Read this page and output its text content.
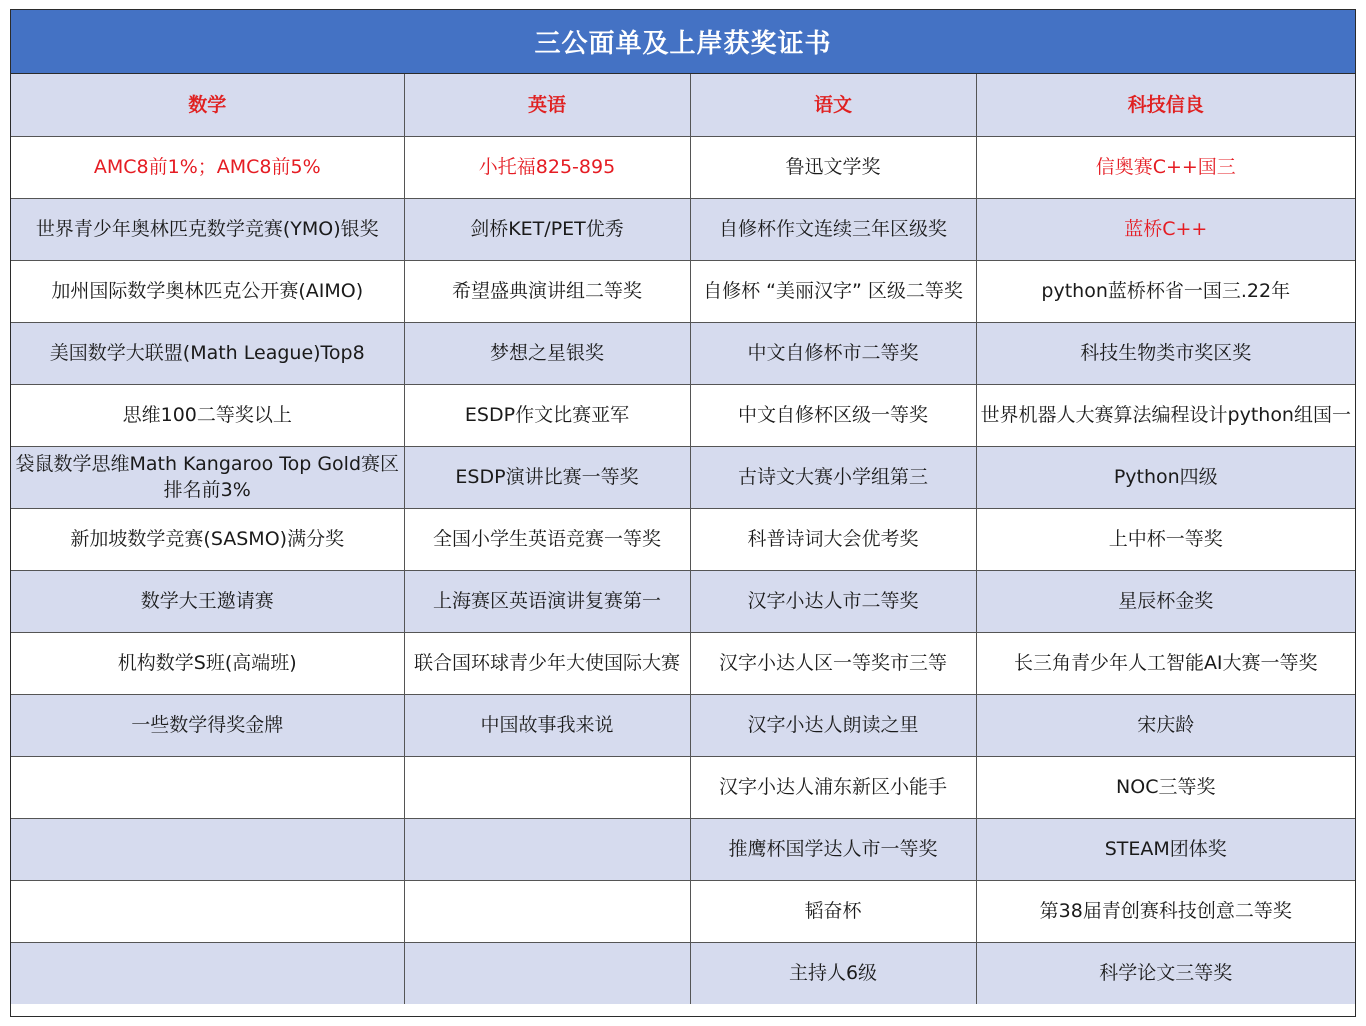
三公面单及上岸获奖证书
数学	英语	语文	科技信良
AMC8前1%；AMC8前5%	小托福825-895	鲁迅文学奖	信奥赛C++国三
世界青少年奥林匹克数学竞赛(YMO)银奖	剑桥KET/PET优秀	自修杯作文连续三年区级奖	蓝桥C++
加州国际数学奥林匹克公开赛(AIMO)	希望盛典演讲组二等奖	自修杯 “美丽汉字” 区级二等奖	python蓝桥杯省一国三.22年
美国数学大联盟(Math League)Top8	梦想之星银奖	中文自修杯市二等奖	科技生物类市奖区奖
思维100二等奖以上	ESDP作文比赛亚军	中文自修杯区级一等奖	世界机器人大赛算法编程设计python组国一
袋鼠数学思维Math Kangaroo Top Gold赛区排名前3%	ESDP演讲比赛一等奖	古诗文大赛小学组第三	Python四级
新加坡数学竞赛(SASMO)满分奖	全国小学生英语竞赛一等奖	科普诗词大会优考奖	上中杯一等奖
数学大王邀请赛	上海赛区英语演讲复赛第一	汉字小达人市二等奖	星辰杯金奖
机构数学S班(高端班)	联合国环球青少年大使国际大赛	汉字小达人区一等奖市三等	长三角青少年人工智能AI大赛一等奖
一些数学得奖金牌	中国故事我来说	汉字小达人朗读之里	宋庆龄
		汉字小达人浦东新区小能手	NOC三等奖
		推鹰杯国学达人市一等奖	STEAM团体奖
		韬奋杯	第38届青创赛科技创意二等奖
		主持人6级	科学论文三等奖
